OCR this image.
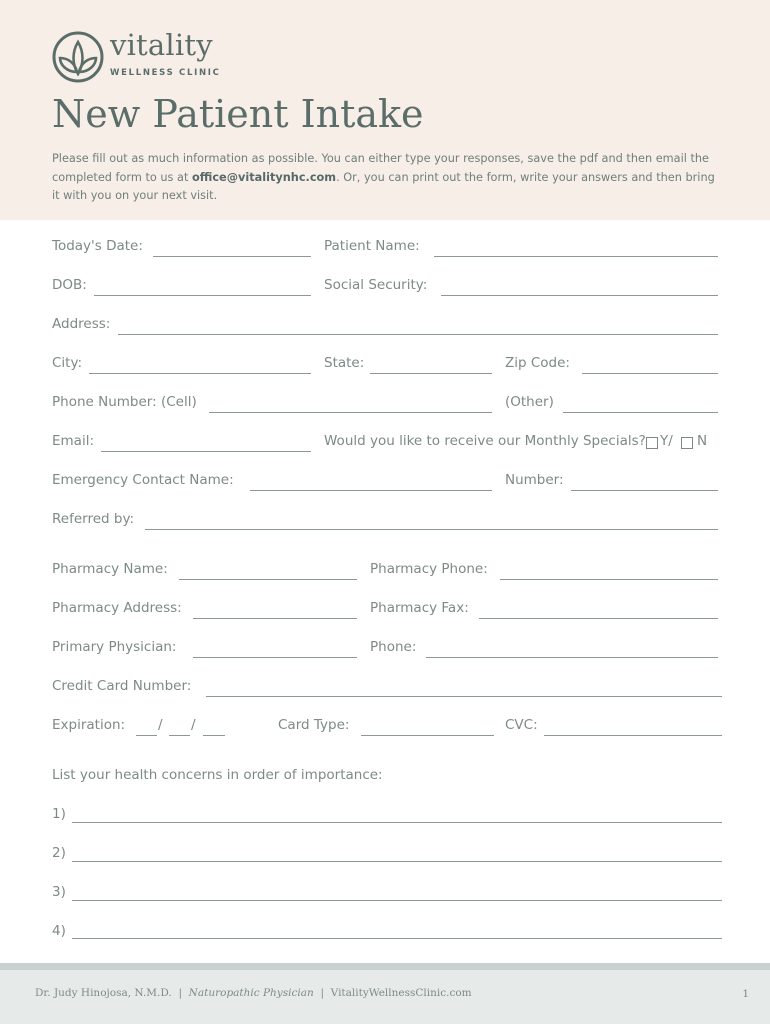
vitality
WELLNESS CLINIC
New Patient Intake
Please fill out as much information as possible. You can either type your responses, save the pdf and then email the completed form to us at office@vitalitynhc.com. Or, you can print out the form, write your answers and then bring it with you on your next visit.
Today's Date:	Patient Name:
DOB:	Social Security:
Address:
City:	State:	Zip Code:
Phone Number: (Cell)	(Other)
Email:	Would you like to receive our Monthly Specials? Y/ N
Emergency Contact Name:	Number:
Referred by:
Pharmacy Name:	Pharmacy Phone:
Pharmacy Address:	Pharmacy Fax:
Primary Physician:	Phone:
Credit Card Number:
Expiration: / /	Card Type:	CVC:
List your health concerns in order of importance:
1)
2)
3)
4)
Dr. Judy Hinojosa, N.M.D. | Naturopathic Physician | VitalityWellnessClinic.com	1
